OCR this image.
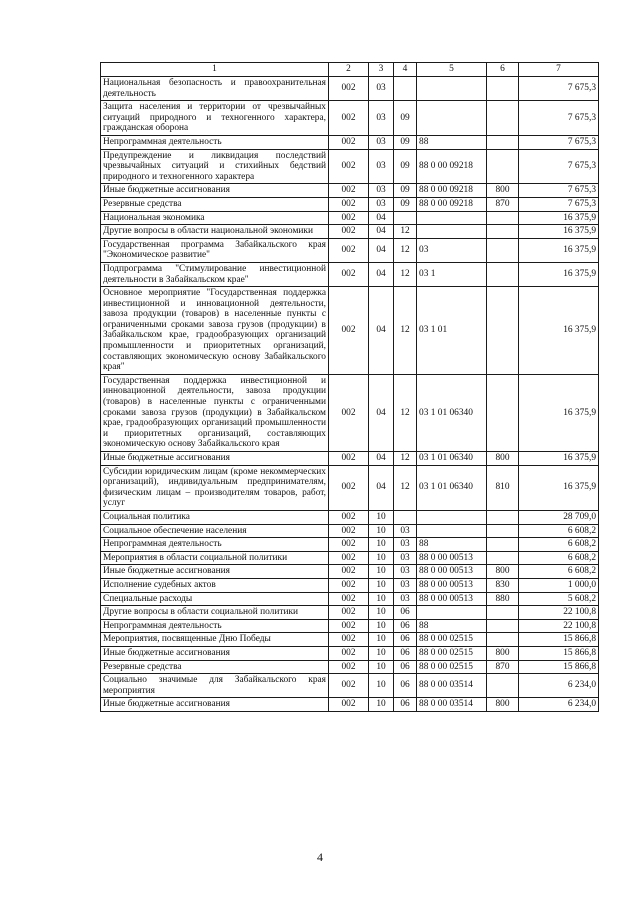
1	2	3	4	5	6	7
Национальная безопасность и правоохранительная деятельность	002	03				7 675,3
Защита населения и территории от чрезвычайных ситуаций природного и техногенного характера, гражданская оборона	002	03	09			7 675,3
Непрограммная деятельность	002	03	09	88		7 675,3
Предупреждение и ликвидация последствий чрезвычайных ситуаций и стихийных бедствий природного и техногенного характера	002	03	09	88 0 00 09218		7 675,3
Иные бюджетные ассигнования	002	03	09	88 0 00 09218	800	7 675,3
Резервные средства	002	03	09	88 0 00 09218	870	7 675,3
Национальная экономика	002	04				16 375,9
Другие вопросы в области национальной экономики	002	04	12			16 375,9
Государственная программа Забайкальского края "Экономическое развитие"	002	04	12	03		16 375,9
Подпрограмма "Стимулирование инвестиционной деятельности в Забайкальском крае"	002	04	12	03 1		16 375,9
Основное мероприятие "Государственная поддержка инвестиционной и инновационной деятельности, завоза продукции (товаров) в населенные пункты с ограниченными сроками завоза грузов (продукции) в Забайкальском крае, градообразующих организаций промышленности и приоритетных организаций, составляющих экономическую основу Забайкальского края"	002	04	12	03 1 01		16 375,9
Государственная поддержка инвестиционной и инновационной деятельности, завоза продукции (товаров) в населенные пункты с ограниченными сроками завоза грузов (продукции) в Забайкальском крае, градообразующих организаций промышленности и приоритетных организаций, составляющих экономическую основу Забайкальского края	002	04	12	03 1 01 06340		16 375,9
Иные бюджетные ассигнования	002	04	12	03 1 01 06340	800	16 375,9
Субсидии юридическим лицам (кроме некоммерческих организаций), индивидуальным предпринимателям, физическим лицам – производителям товаров, работ, услуг	002	04	12	03 1 01 06340	810	16 375,9
Социальная политика	002	10				28 709,0
Социальное обеспечение населения	002	10	03			6 608,2
Непрограммная деятельность	002	10	03	88		6 608,2
Мероприятия в области социальной политики	002	10	03	88 0 00 00513		6 608,2
Иные бюджетные ассигнования	002	10	03	88 0 00 00513	800	6 608,2
Исполнение судебных актов	002	10	03	88 0 00 00513	830	1 000,0
Специальные расходы	002	10	03	88 0 00 00513	880	5 608,2
Другие вопросы в области социальной политики	002	10	06			22 100,8
Непрограммная деятельность	002	10	06	88		22 100,8
Мероприятия, посвященные Дню Победы	002	10	06	88 0 00 02515		15 866,8
Иные бюджетные ассигнования	002	10	06	88 0 00 02515	800	15 866,8
Резервные средства	002	10	06	88 0 00 02515	870	15 866,8
Социально значимые для Забайкальского края мероприятия	002	10	06	88 0 00 03514		6 234,0
Иные бюджетные ассигнования	002	10	06	88 0 00 03514	800	6 234,0
4
